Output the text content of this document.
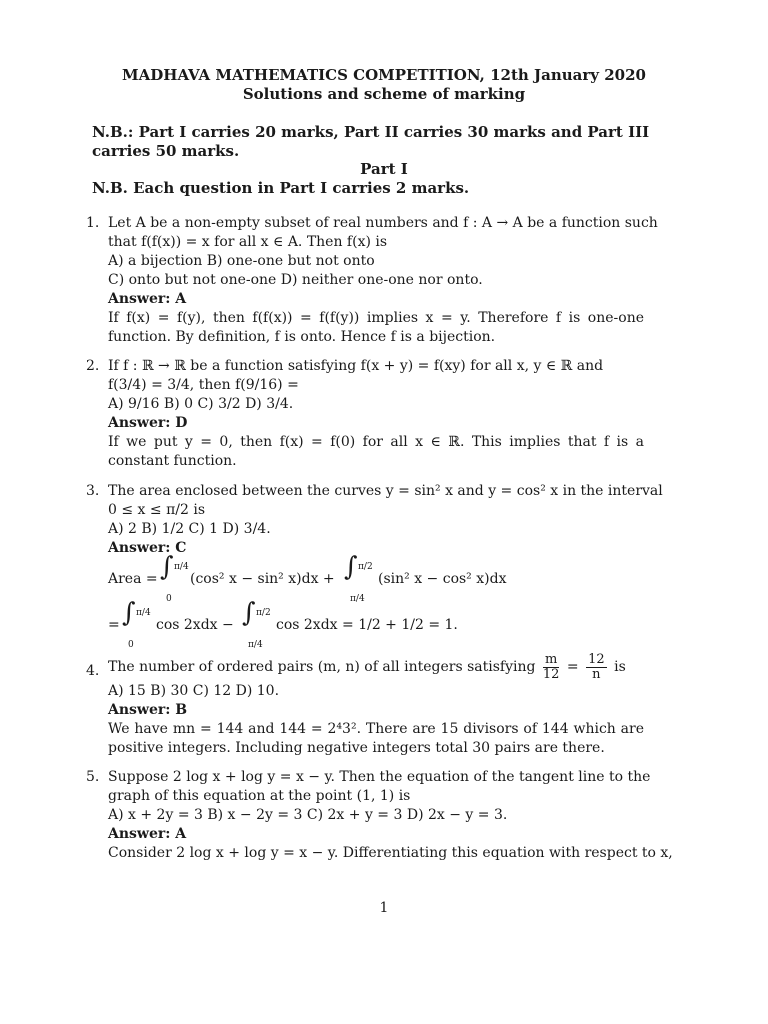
MADHAVA MATHEMATICS COMPETITION, 12th January 2020
Solutions and scheme of marking
N.B.: Part I carries 20 marks, Part II carries 30 marks and Part III carries 50 marks.
Part I
N.B. Each question in Part I carries 2 marks.
1. Let A be a non-empty subset of real numbers and f : A → A be a function such
that f(f(x)) = x for all x ∈ A. Then f(x) is
A) a bijection B) one-one but not onto
C) onto but not one-one D) neither one-one nor onto.
Answer: A
If f(x) = f(y), then f(f(x)) = f(f(y)) implies x = y. Therefore f is one-one function. By definition, f is onto. Hence f is a bijection.
2. If f : ℝ → ℝ be a function satisfying f(x + y) = f(xy) for all x, y ∈ ℝ and
f(3/4) = 3/4, then f(9/16) =
A) 9/16 B) 0 C) 3/2 D) 3/4.
Answer: D
If we put y = 0, then f(x) = f(0) for all x ∈ ℝ. This implies that f is a constant function.
3. The area enclosed between the curves y = sin² x and y = cos² x in the interval
0 ≤ x ≤ π/2 is
A) 2 B) 1/2 C) 1 D) 3/4.
Answer: C
Area = ∫ π/4
0
(cos² x − sin² x)dx + ∫ π/2
π/4
(sin² x − cos² x)dx
= ∫ π/4
0
cos 2xdx − ∫ π/2
π/4
cos 2xdx = 1/2 + 1/2 = 1.
4. The number of ordered pairs (m, n) of all integers satisfying $\frac{m}{12} = \frac{12}{n}$ is
A) 15 B) 30 C) 12 D) 10.
Answer: B
We have mn = 144 and 144 = 2⁴3². There are 15 divisors of 144 which are positive integers. Including negative integers total 30 pairs are there.
5. Suppose 2 log x + log y = x − y. Then the equation of the tangent line to the
graph of this equation at the point (1, 1) is
A) x + 2y = 3 B) x − 2y = 3 C) 2x + y = 3 D) 2x − y = 3.
Answer: A
Consider 2 log x + log y = x − y. Differentiating this equation with respect to x,
1
